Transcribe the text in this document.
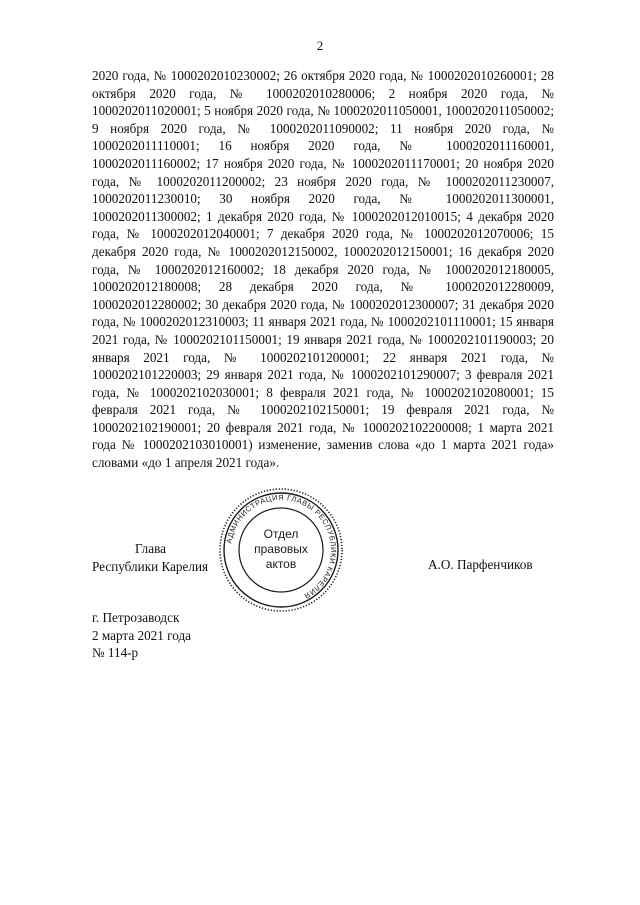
2

2020 года, № 1000202010230002; 26 октября 2020 года, № 1000202010260001; 28 октября 2020 года, № 1000202010280006; 2 ноября 2020 года, № 1000202011020001; 5 ноября 2020 года, № 1000202011050001, 1000202011050002; 9 ноября 2020 года, № 1000202011090002; 11 ноября 2020 года, № 1000202011110001; 16 ноября 2020 года, № 1000202011160001, 1000202011160002; 17 ноября 2020 года, № 1000202011170001; 20 ноября 2020 года, № 1000202011200002; 23 ноября 2020 года, № 1000202011230007, 1000202011230010; 30 ноября 2020 года, № 1000202011300001, 1000202011300002; 1 декабря 2020 года, № 1000202012010015; 4 декабря 2020 года, № 1000202012040001; 7 декабря 2020 года, № 1000202012070006; 15 декабря 2020 года, № 1000202012150002, 1000202012150001; 16 декабря 2020 года, № 1000202012160002; 18 декабря 2020 года, № 1000202012180005, 1000202012180008; 28 декабря 2020 года, № 1000202012280009, 1000202012280002; 30 декабря 2020 года, № 1000202012300007; 31 декабря 2020 года, № 1000202012310003; 11 января 2021 года, № 1000202101110001; 15 января 2021 года, № 1000202101150001; 19 января 2021 года, № 1000202101190003; 20 января 2021 года, № 1000202101200001; 22 января 2021 года, № 1000202101220003; 29 января 2021 года, № 1000202101290007; 3 февраля 2021 года, № 1000202102030001; 8 февраля 2021 года, № 1000202102080001; 15 февраля 2021 года, № 1000202102150001; 19 февраля 2021 года, № 1000202102190001; 20 февраля 2021 года, № 1000202102200008; 1 марта 2021 года № 1000202103010001) изменение, заменив слова «до 1 марта 2021 года» словами «до 1 апреля 2021 года».

Глава
Республики Карелия
АДМИНИСТРАЦИЯ ГЛАВЫ РЕСПУБЛИКИ КАРЕЛИЯ
Отдел
правовых
актов	А.О. Парфенчиков
г. Петрозаводск
2 марта 2021 года
№ 114-р
